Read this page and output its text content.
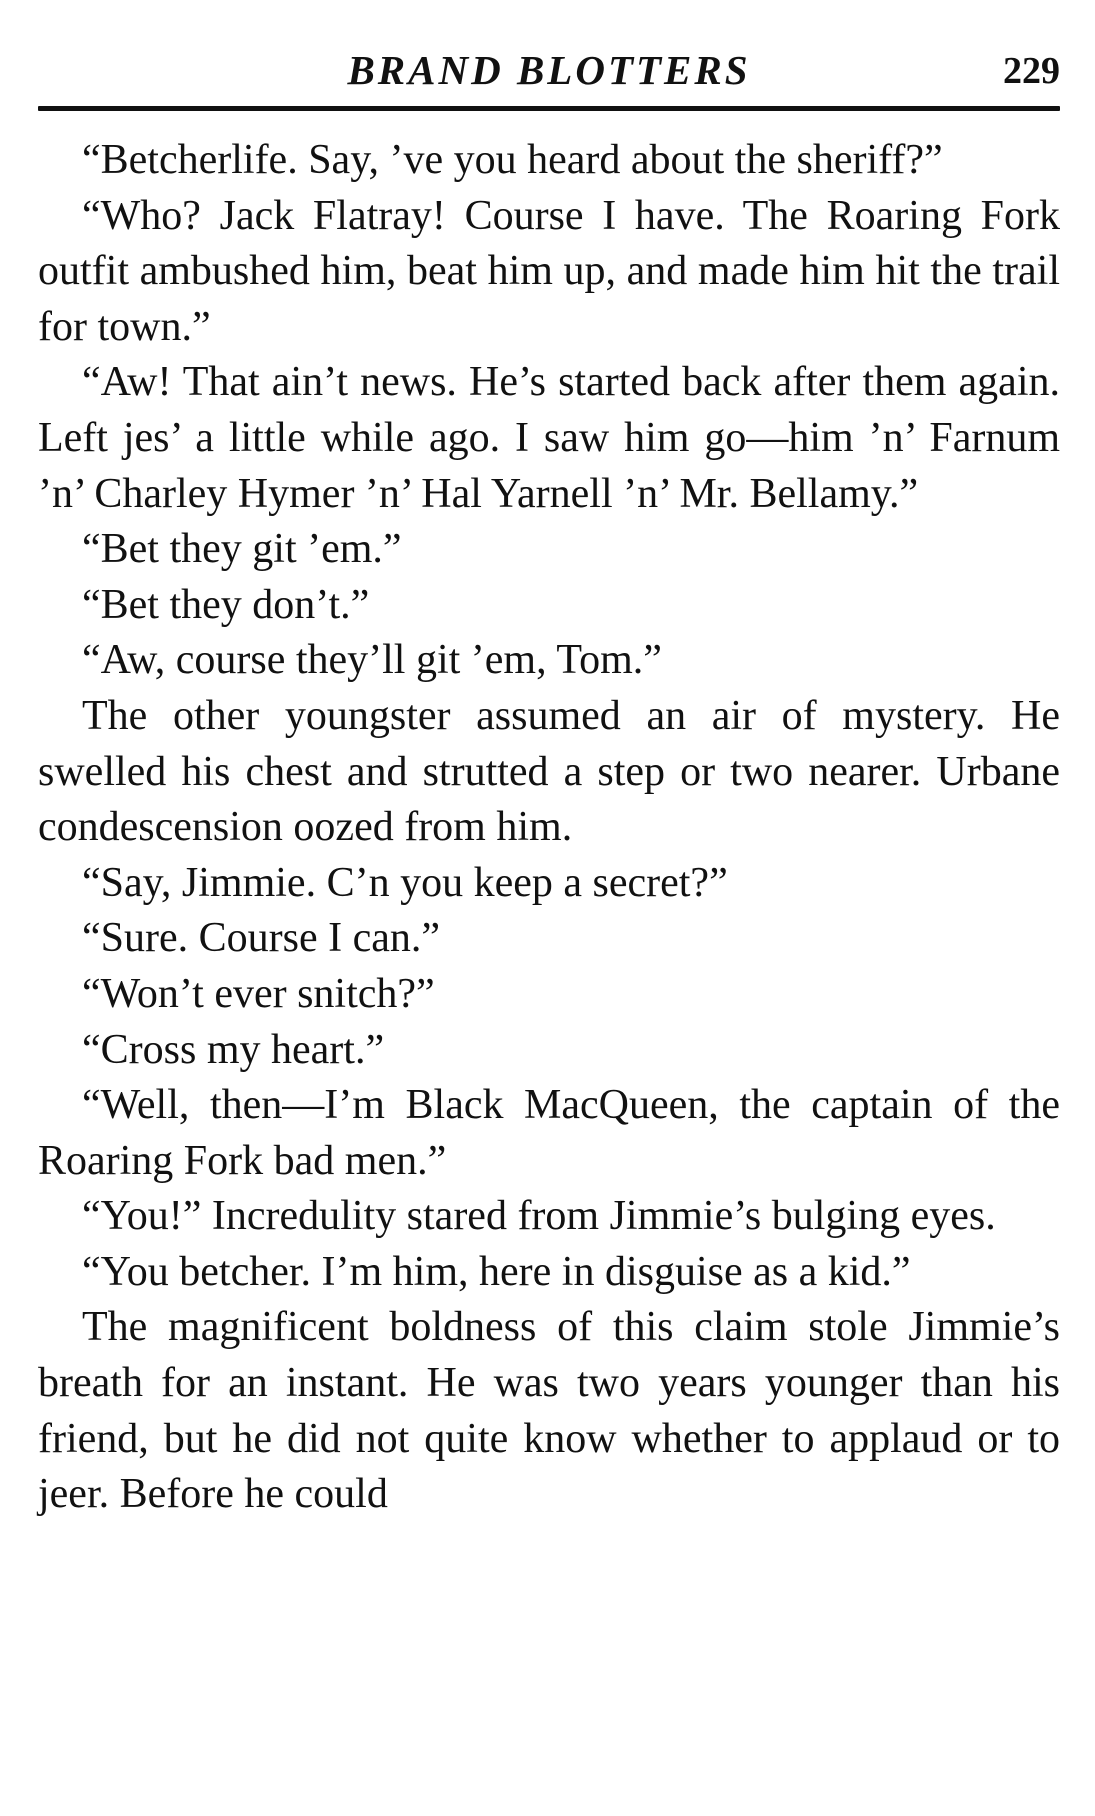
BRAND BLOTTERS	229

“Betcherlife. Say, ’ve you heard about the sheriff?”

“Who? Jack Flatray! Course I have. The Roaring Fork outfit ambushed him, beat him up, and made him hit the trail for town.”

“Aw! That ain’t news. He’s started back after them again. Left jes’ a little while ago. I saw him go—him ’n’ Farnum ’n’ Charley Hymer ’n’ Hal Yarnell ’n’ Mr. Bellamy.”

“Bet they git ’em.”

“Bet they don’t.”

“Aw, course they’ll git ’em, Tom.”

The other youngster assumed an air of mystery. He swelled his chest and strutted a step or two nearer. Urbane condescension oozed from him.

“Say, Jimmie. C’n you keep a secret?”

“Sure. Course I can.”

“Won’t ever snitch?”

“Cross my heart.”

“Well, then—I’m Black MacQueen, the captain of the Roaring Fork bad men.”

“You!” Incredulity stared from Jimmie’s bulging eyes.

“You betcher. I’m him, here in disguise as a kid.”

The magnificent boldness of this claim stole Jimmie’s breath for an instant. He was two years younger than his friend, but he did not quite know whether to applaud or to jeer. Before he could
